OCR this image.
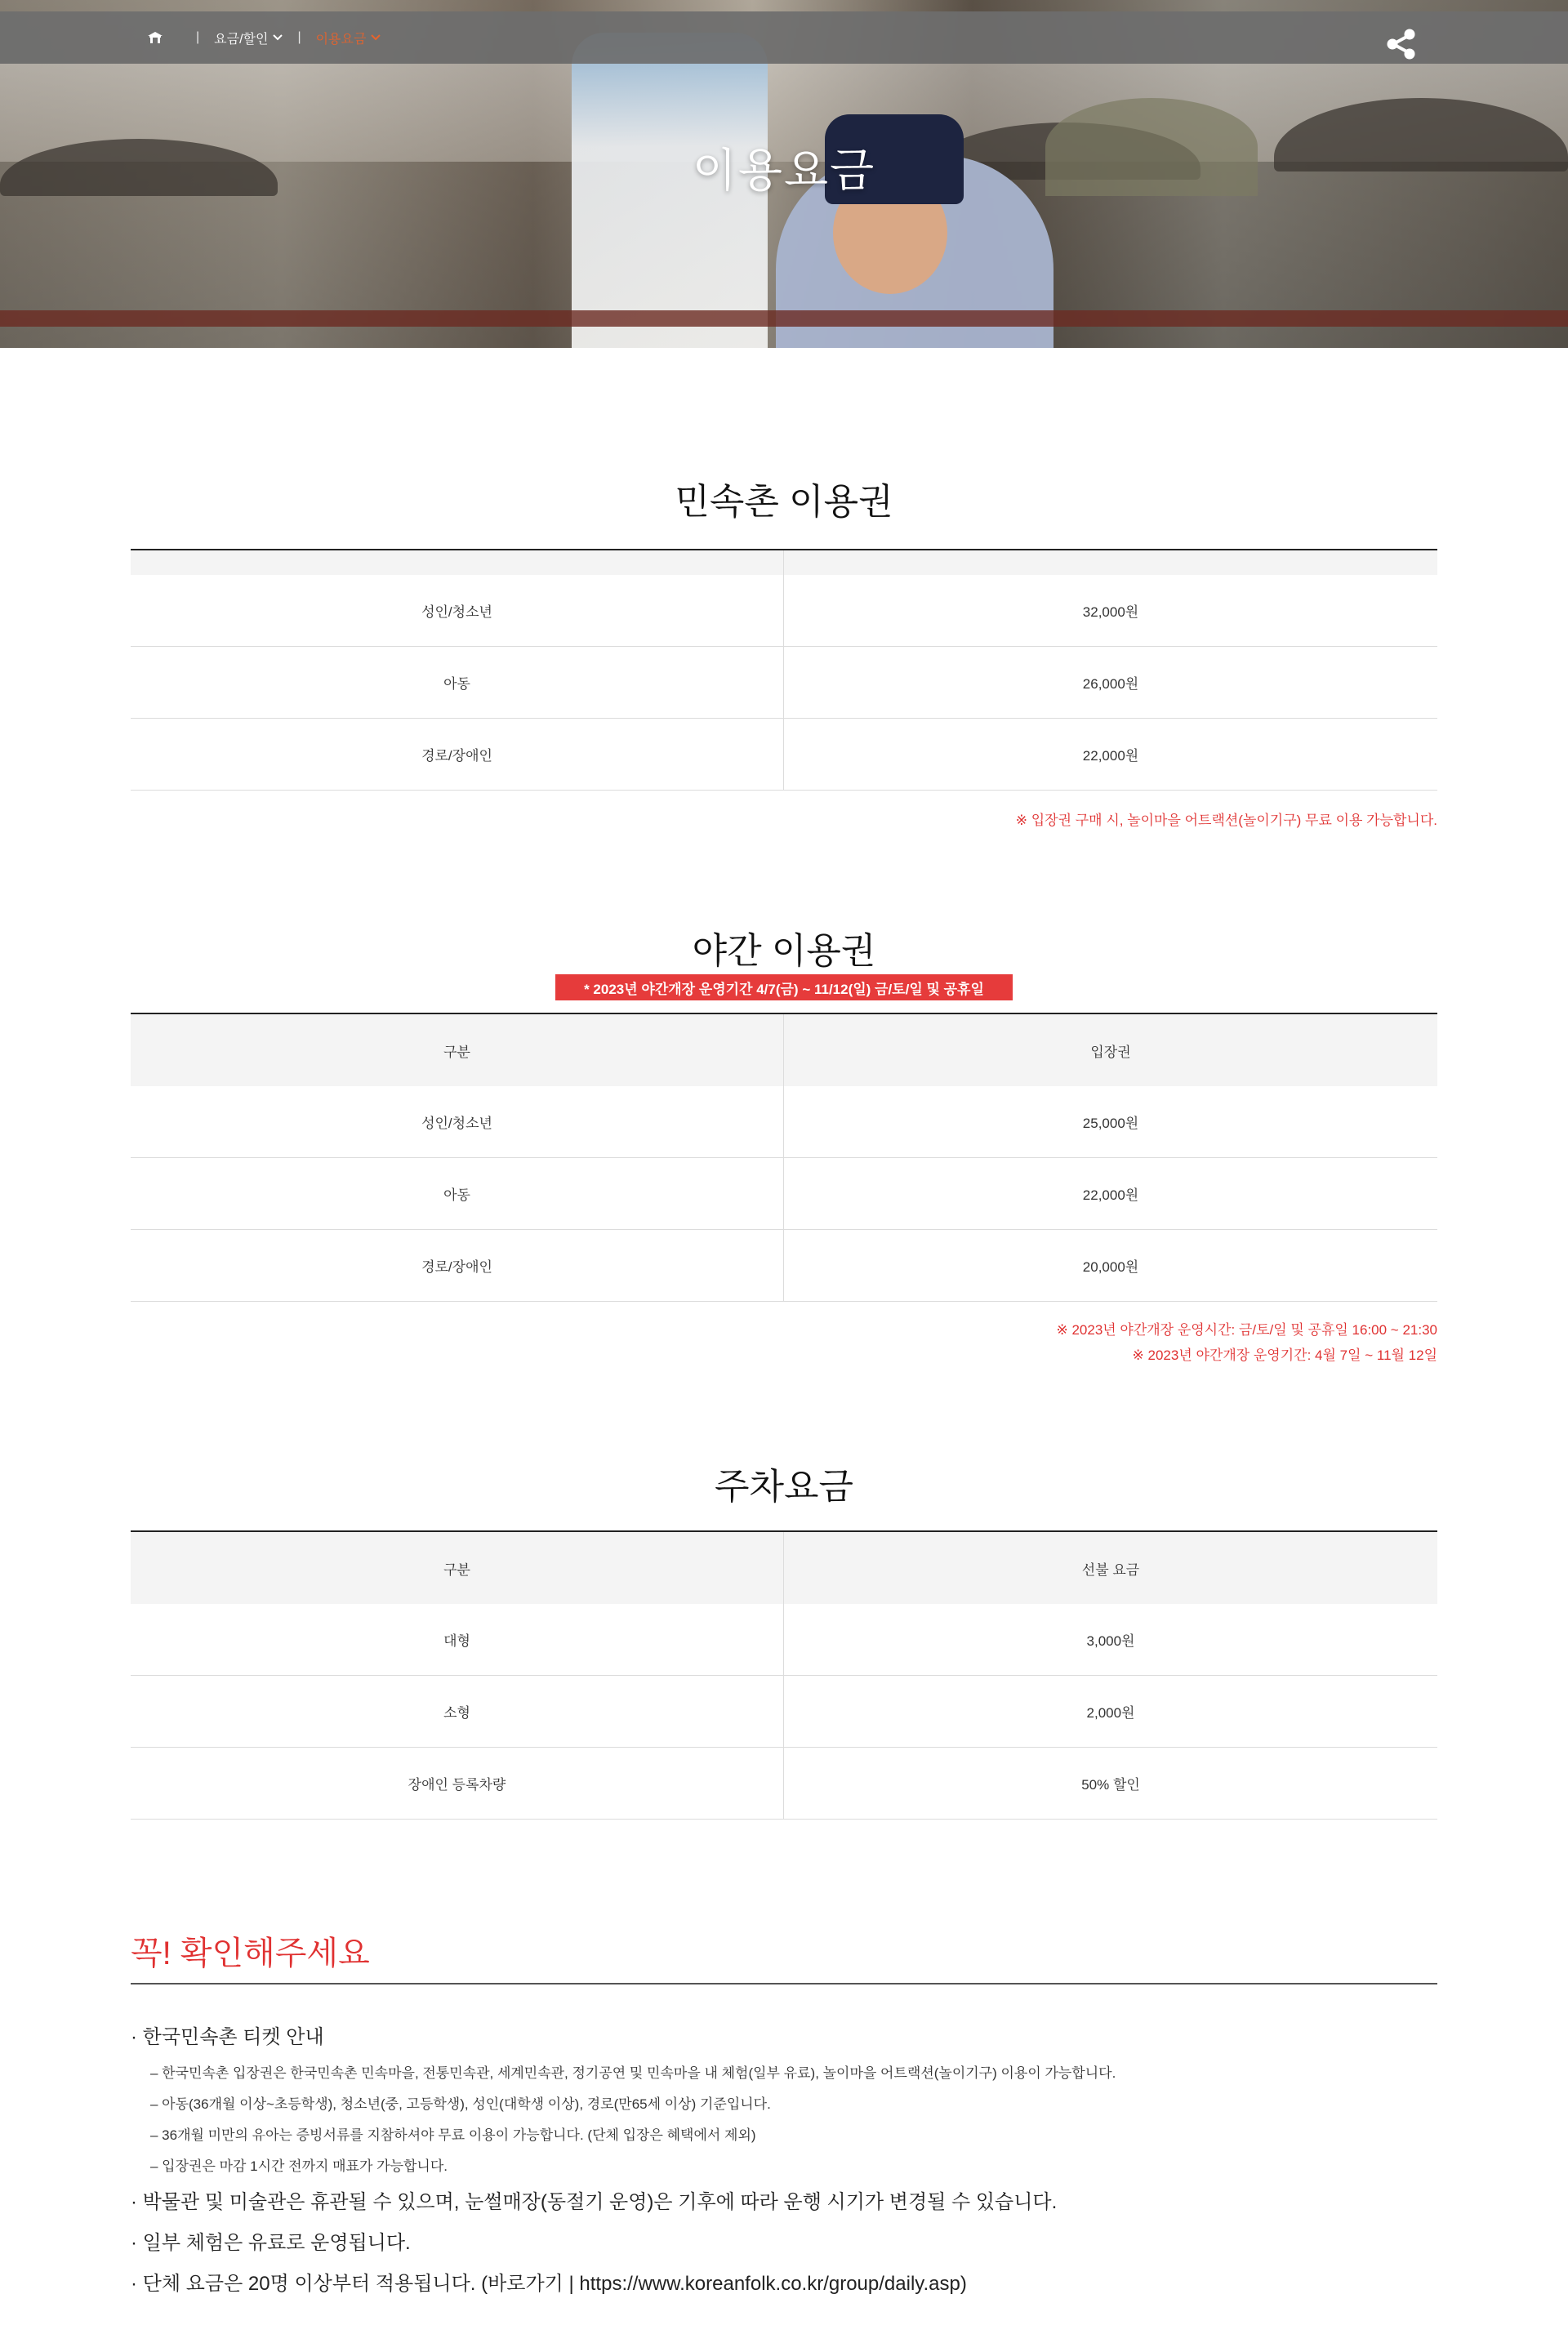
| 요금/할인 | 이용요금
이용요금
민속촌 이용권
성인/청소년	32,000원
아동	26,000원
경로/장애인	22,000원
※ 입장권 구매 시, 놀이마을 어트랙션(놀이기구) 무료 이용 가능합니다.
야간 이용권
* 2023년 야간개장 운영기간 4/7(금) ~ 11/12(일) 금/토/일 및 공휴일
구분	입장권
성인/청소년	25,000원
아동	22,000원
경로/장애인	20,000원
※ 2023년 야간개장 운영시간: 금/토/일 및 공휴일 16:00 ~ 21:30
※ 2023년 야간개장 운영기간: 4월 7일 ~ 11월 12일
주차요금
구분	선불 요금
대형	3,000원
소형	2,000원
장애인 등록차량	50% 할인
꼭! 확인해주세요
· 한국민속촌 티켓 안내
– 한국민속촌 입장권은 한국민속촌 민속마을, 전통민속관, 세계민속관, 정기공연 및 민속마을 내 체험(일부 유료), 놀이마을 어트랙션(놀이기구) 이용이 가능합니다.
– 아동(36개월 이상~초등학생), 청소년(중, 고등학생), 성인(대학생 이상), 경로(만65세 이상) 기준입니다.
– 36개월 미만의 유아는 증빙서류를 지참하셔야 무료 이용이 가능합니다. (단체 입장은 혜택에서 제외)
– 입장권은 마감 1시간 전까지 매표가 가능합니다.
· 박물관 및 미술관은 휴관될 수 있으며, 눈썰매장(동절기 운영)은 기후에 따라 운행 시기가 변경될 수 있습니다.
· 일부 체험은 유료로 운영됩니다.
· 단체 요금은 20명 이상부터 적용됩니다. (바로가기 | https://www.koreanfolk.co.kr/group/daily.asp)
